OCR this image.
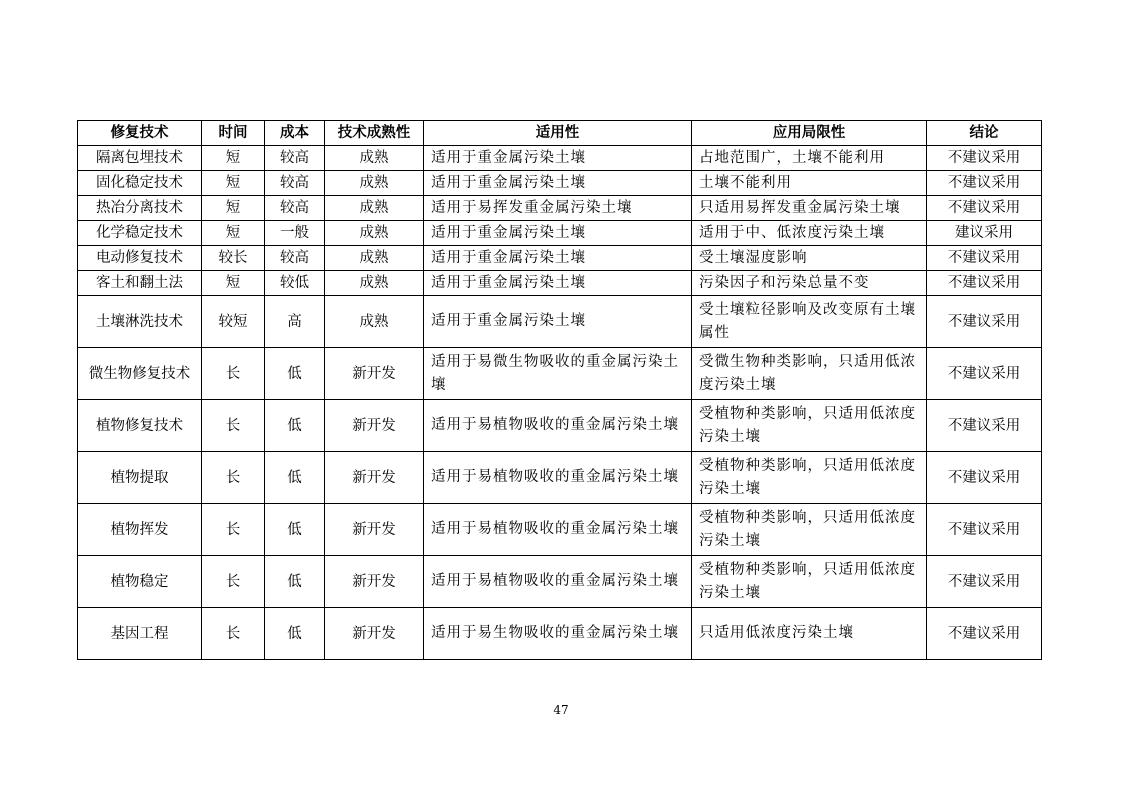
修复技术	时间	成本	技术成熟性	适用性	应用局限性	结论
隔离包埋技术	短	较高	成熟	适用于重金属污染土壤	占地范围广，土壤不能利用	不建议采用
固化稳定技术	短	较高	成熟	适用于重金属污染土壤	土壤不能利用	不建议采用
热冶分离技术	短	较高	成熟	适用于易挥发重金属污染土壤	只适用易挥发重金属污染土壤	不建议采用
化学稳定技术	短	一般	成熟	适用于重金属污染土壤	适用于中、低浓度污染土壤	建议采用
电动修复技术	较长	较高	成熟	适用于重金属污染土壤	受土壤湿度影响	不建议采用
客土和翻土法	短	较低	成熟	适用于重金属污染土壤	污染因子和污染总量不变	不建议采用
土壤淋洗技术	较短	高	成熟	适用于重金属污染土壤	受土壤粒径影响及改变原有土壤属性	不建议采用
微生物修复技术	长	低	新开发	适用于易微生物吸收的重金属污染土壤	受微生物种类影响，只适用低浓度污染土壤	不建议采用
植物修复技术	长	低	新开发	适用于易植物吸收的重金属污染土壤	受植物种类影响，只适用低浓度污染土壤	不建议采用
植物提取	长	低	新开发	适用于易植物吸收的重金属污染土壤	受植物种类影响，只适用低浓度污染土壤	不建议采用
植物挥发	长	低	新开发	适用于易植物吸收的重金属污染土壤	受植物种类影响，只适用低浓度污染土壤	不建议采用
植物稳定	长	低	新开发	适用于易植物吸收的重金属污染土壤	受植物种类影响，只适用低浓度污染土壤	不建议采用
基因工程	长	低	新开发	适用于易生物吸收的重金属污染土壤	只适用低浓度污染土壤	不建议采用
47
